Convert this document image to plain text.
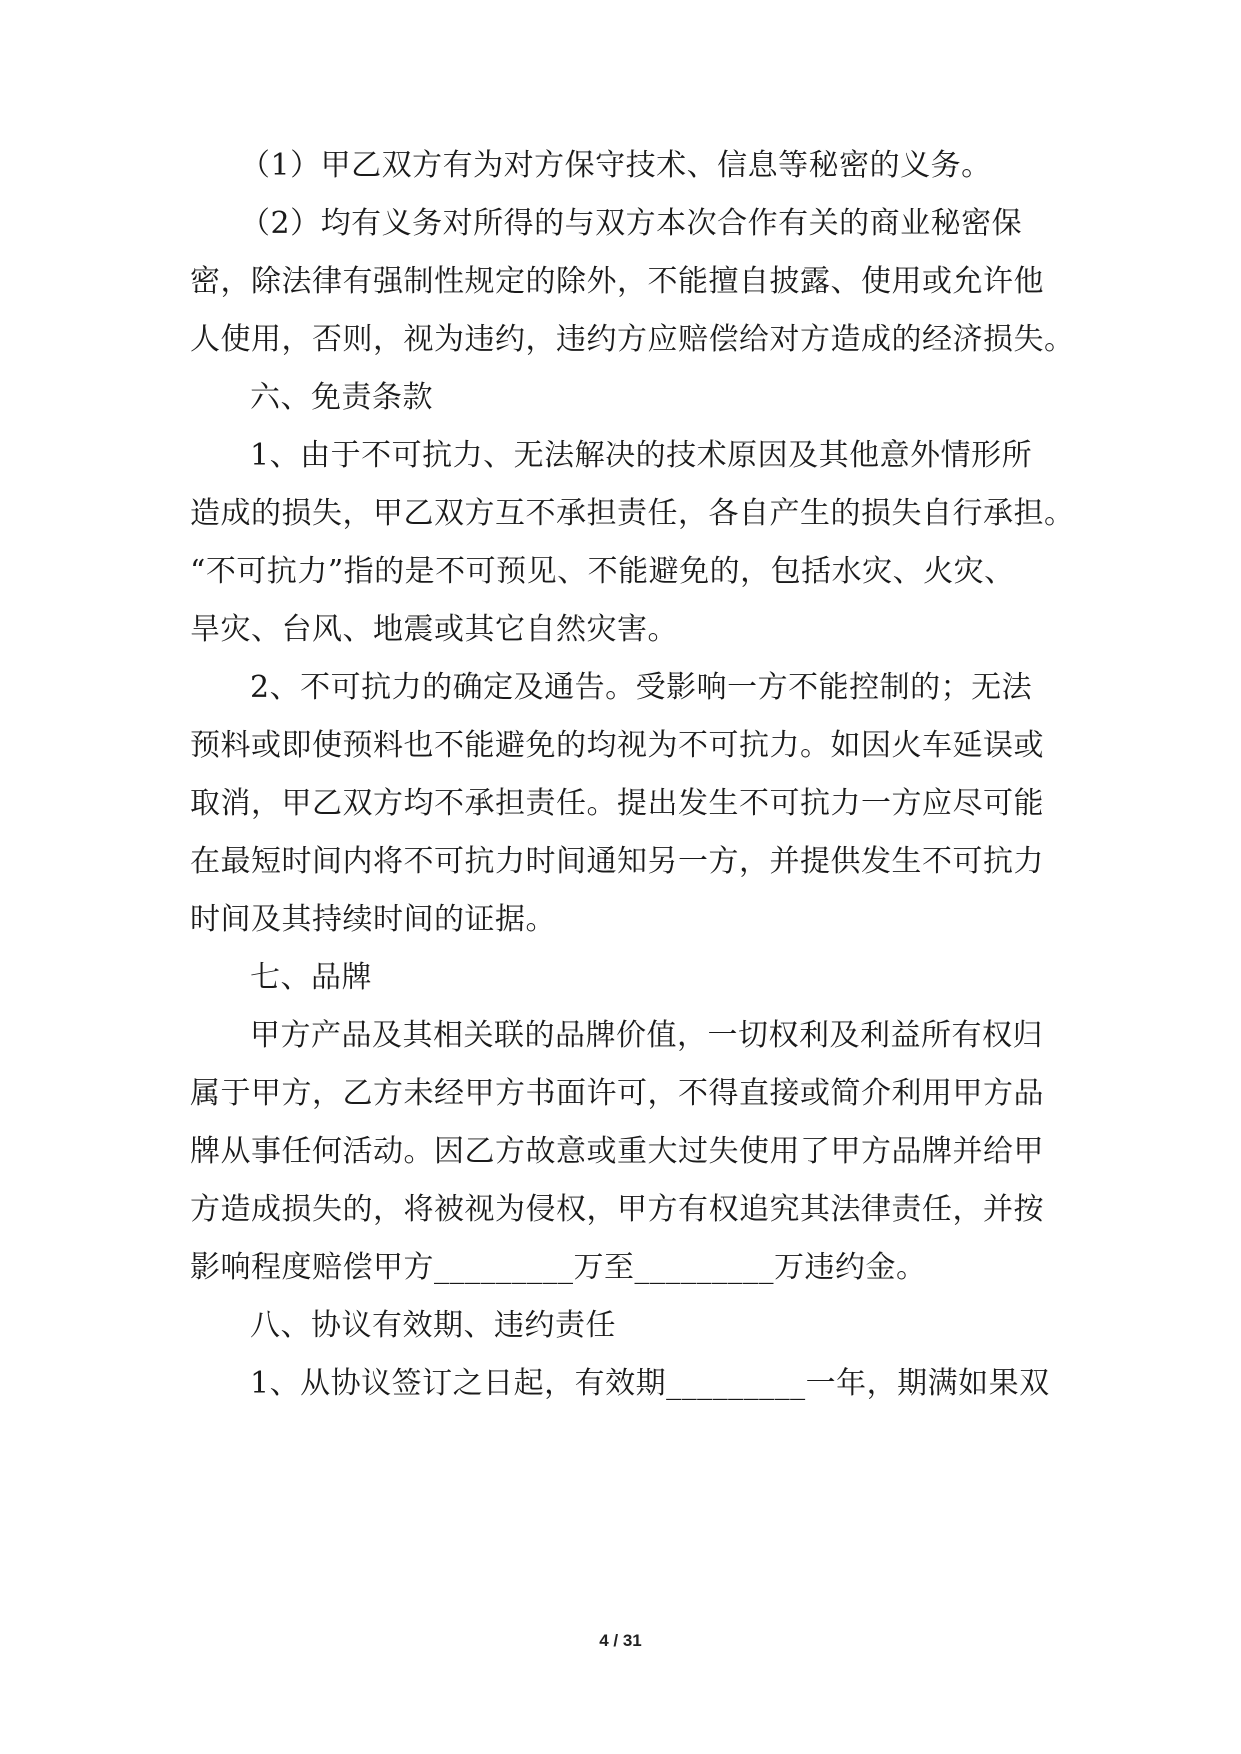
（1）甲乙双方有为对方保守技术、信息等秘密的义务。
（2）均有义务对所得的与双方本次合作有关的商业秘密保
密，除法律有强制性规定的除外，不能擅自披露、使用或允许他
人使用，否则，视为违约，违约方应赔偿给对方造成的经济损失。
六、免责条款
1、由于不可抗力、无法解决的技术原因及其他意外情形所
造成的损失，甲乙双方互不承担责任，各自产生的损失自行承担。
“不可抗力”指的是不可预见、不能避免的，包括水灾、火灾、
旱灾、台风、地震或其它自然灾害。
2、不可抗力的确定及通告。受影响一方不能控制的；无法
预料或即使预料也不能避免的均视为不可抗力。如因火车延误或
取消，甲乙双方均不承担责任。提出发生不可抗力一方应尽可能
在最短时间内将不可抗力时间通知另一方，并提供发生不可抗力
时间及其持续时间的证据。
七、品牌
甲方产品及其相关联的品牌价值，一切权利及利益所有权归
属于甲方，乙方未经甲方书面许可，不得直接或简介利用甲方品
牌从事任何活动。因乙方故意或重大过失使用了甲方品牌并给甲
方造成损失的，将被视为侵权，甲方有权追究其法律责任，并按
影响程度赔偿甲方_________万至_________万违约金。
八、协议有效期、违约责任
1、从协议签订之日起，有效期_________一年，期满如果双
4 / 31
